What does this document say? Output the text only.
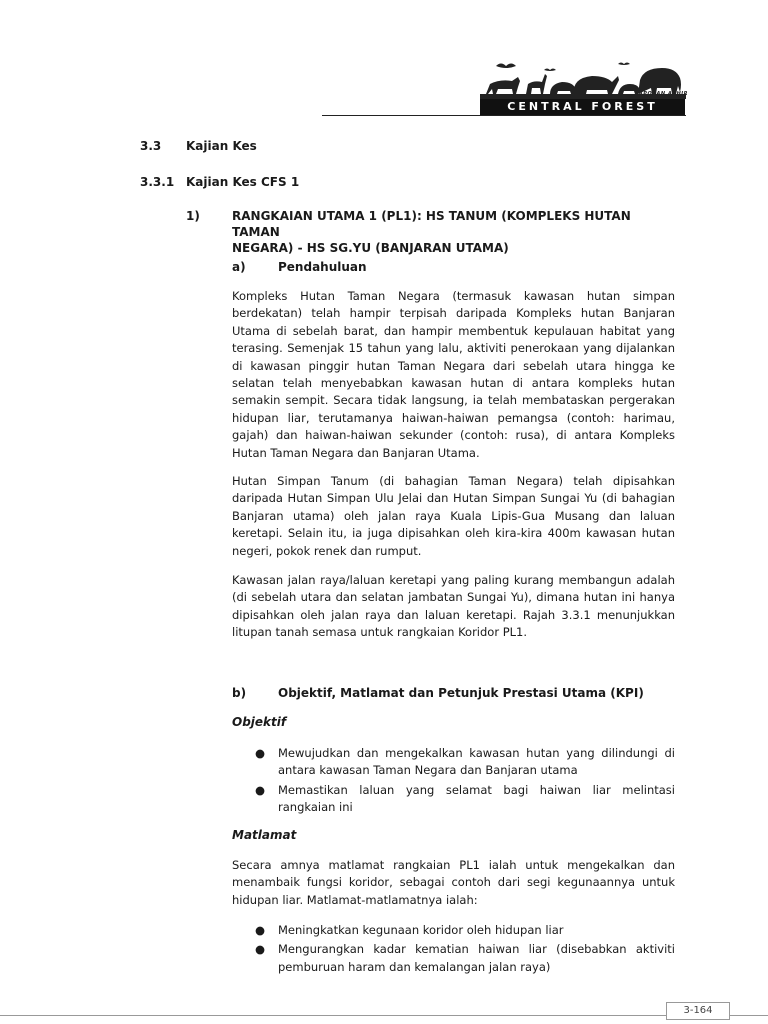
LAPORAN AKHIR
CENTRAL FOREST SPINE
3.3 Kajian Kes
3.3.1 Kajian Kes CFS 1
1)	RANGKAIAN UTAMA 1 (PL1): HS TANUM (KOMPLEKS HUTAN TAMAN
NEGARA) - HS SG.YU (BANJARAN UTAMA)
a)	Pendahuluan
Kompleks Hutan Taman Negara (termasuk kawasan hutan simpan berdekatan) telah hampir terpisah daripada Kompleks hutan Banjaran Utama di sebelah barat, dan hampir membentuk kepulauan habitat yang terasing. Semenjak 15 tahun yang lalu, aktiviti penerokaan yang dijalankan di kawasan pinggir hutan Taman Negara dari sebelah utara hingga ke selatan telah menyebabkan kawasan hutan di antara kompleks hutan semakin sempit. Secara tidak langsung, ia telah membataskan pergerakan hidupan liar, terutamanya haiwan-haiwan pemangsa (contoh: harimau, gajah) dan haiwan-haiwan sekunder (contoh: rusa), di antara Kompleks Hutan Taman Negara dan Banjaran Utama.
Hutan Simpan Tanum (di bahagian Taman Negara) telah dipisahkan daripada Hutan Simpan Ulu Jelai dan Hutan Simpan Sungai Yu (di bahagian Banjaran utama) oleh jalan raya Kuala Lipis-Gua Musang dan laluan keretapi. Selain itu, ia juga dipisahkan oleh kira-kira 400m kawasan hutan negeri, pokok renek dan rumput.
Kawasan jalan raya/laluan keretapi yang paling kurang membangun adalah (di sebelah utara dan selatan jambatan Sungai Yu), dimana hutan ini hanya dipisahkan oleh jalan raya dan laluan keretapi. Rajah 3.3.1 menunjukkan litupan tanah semasa untuk rangkaian Koridor PL1.
b)	Objektif, Matlamat dan Petunjuk Prestasi Utama (KPI)
Objektif
● Mewujudkan dan mengekalkan kawasan hutan yang dilindungi di antara kawasan Taman Negara dan Banjaran utama
● Memastikan laluan yang selamat bagi haiwan liar melintasi rangkaian ini
Matlamat
Secara amnya matlamat rangkaian PL1 ialah untuk mengekalkan dan menambaik fungsi koridor, sebagai contoh dari segi kegunaannya untuk hidupan liar. Matlamat-matlamatnya ialah:
● Meningkatkan kegunaan koridor oleh hidupan liar
● Mengurangkan kadar kematian haiwan liar (disebabkan aktiviti pemburuan haram dan kemalangan jalan raya)
3-164
